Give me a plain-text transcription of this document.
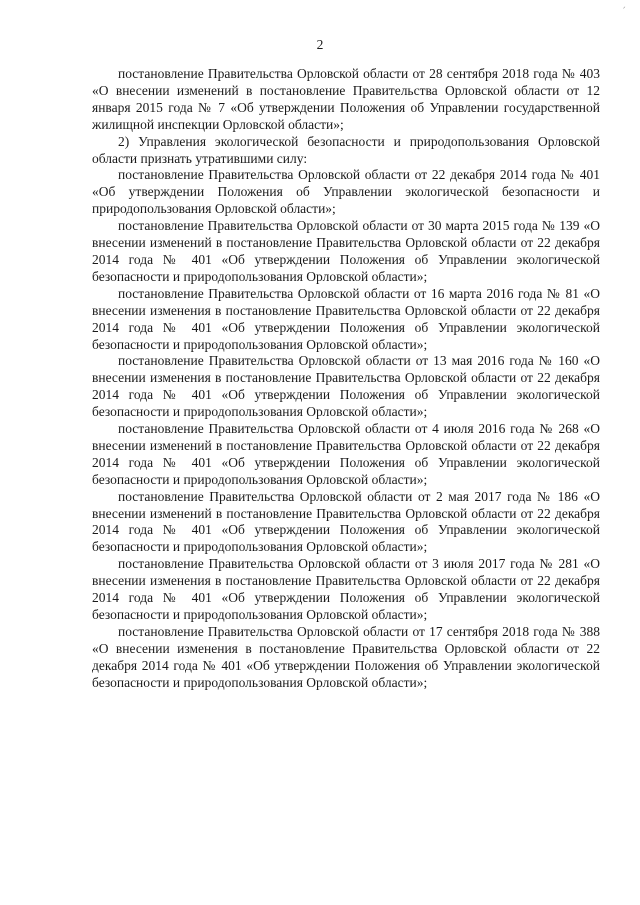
´
2

постановление Правительства Орловской области от 28 сентября 2018 года № 403 «О внесении изменений в постановление Правительства Орловской области от 12 января 2015 года № 7 «Об утверждении Положения об Управлении государственной жилищной инспекции Орловской области»;

2) Управления экологической безопасности и природопользования Орловской области признать утратившими силу:

постановление Правительства Орловской области от 22 декабря 2014 года № 401 «Об утверждении Положения об Управлении экологической безопасности и природопользования Орловской области»;

постановление Правительства Орловской области от 30 марта 2015 года № 139 «О внесении изменений в постановление Правительства Орловской области от 22 декабря 2014 года № 401 «Об утверждении Положения об Управлении экологической безопасности и природопользования Орловской области»;

постановление Правительства Орловской области от 16 марта 2016 года № 81 «О внесении изменения в постановление Правительства Орловской области от 22 декабря 2014 года № 401 «Об утверждении Положения об Управлении экологической безопасности и природопользования Орловской области»;

постановление Правительства Орловской области от 13 мая 2016 года № 160 «О внесении изменения в постановление Правительства Орловской области от 22 декабря 2014 года № 401 «Об утверждении Положения об Управлении экологической безопасности и природопользования Орловской области»;

постановление Правительства Орловской области от 4 июля 2016 года № 268 «О внесении изменений в постановление Правительства Орловской области от 22 декабря 2014 года № 401 «Об утверждении Положения об Управлении экологической безопасности и природопользования Орловской области»;

постановление Правительства Орловской области от 2 мая 2017 года № 186 «О внесении изменений в постановление Правительства Орловской области от 22 декабря 2014 года № 401 «Об утверждении Положения об Управлении экологической безопасности и природопользования Орловской области»;

постановление Правительства Орловской области от 3 июля 2017 года № 281 «О внесении изменения в постановление Правительства Орловской области от 22 декабря 2014 года № 401 «Об утверждении Положения об Управлении экологической безопасности и природопользования Орловской области»;

постановление Правительства Орловской области от 17 сентября 2018 года № 388 «О внесении изменения в постановление Правительства Орловской области от 22 декабря 2014 года № 401 «Об утверждении Положения об Управлении экологической безопасности и природопользования Орловской области»;
